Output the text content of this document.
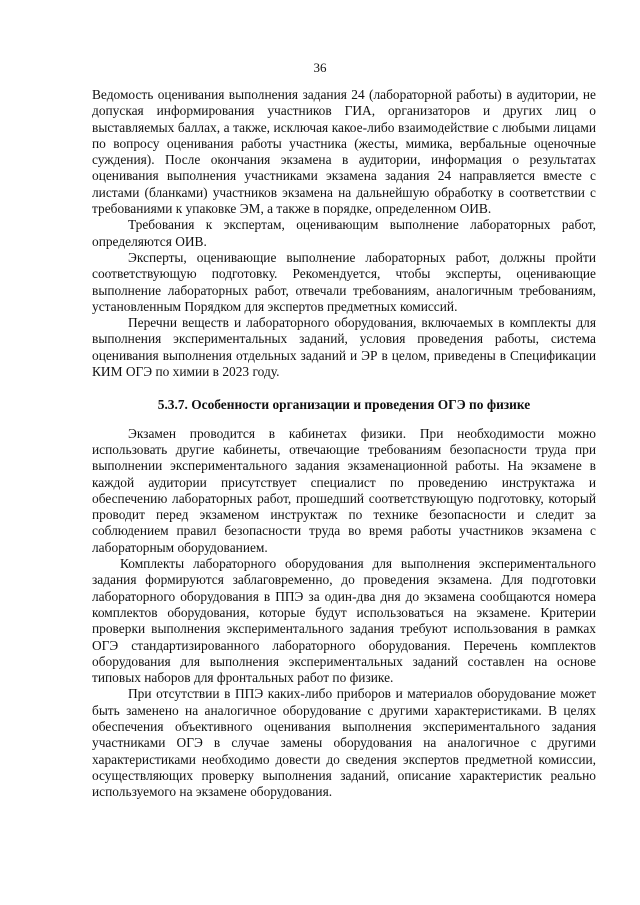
36

Ведомость оценивания выполнения задания 24 (лабораторной работы) в аудитории, не допуская информирования участников ГИА, организаторов и других лиц о выставляемых баллах, а также, исключая какое-либо взаимодействие с любыми лицами по вопросу оценивания работы участника (жесты, мимика, вербальные оценочные суждения). После окончания экзамена в аудитории, информация о результатах оценивания выполнения участниками экзамена задания 24 направляется вместе с листами (бланками) участников экзамена на дальнейшую обработку в соответствии с требованиями к упаковке ЭМ, а также в порядке, определенном ОИВ.

Требования к экспертам, оценивающим выполнение лабораторных работ, определяются ОИВ.

Эксперты, оценивающие выполнение лабораторных работ, должны пройти соответствующую подготовку. Рекомендуется, чтобы эксперты, оценивающие выполнение лабораторных работ, отвечали требованиям, аналогичным требованиям, установленным Порядком для экспертов предметных комиссий.

Перечни веществ и лабораторного оборудования, включаемых в комплекты для выполнения экспериментальных заданий, условия проведения работы, система оценивания выполнения отдельных заданий и ЭР в целом, приведены в Спецификации КИМ ОГЭ по химии в 2023 году.

5.3.7. Особенности организации и проведения ОГЭ по физике

Экзамен проводится в кабинетах физики. При необходимости можно использовать другие кабинеты, отвечающие требованиям безопасности труда при выполнении экспериментального задания экзаменационной работы. На экзамене в каждой аудитории присутствует специалист по проведению инструктажа и обеспечению лабораторных работ, прошедший соответствующую подготовку, который проводит перед экзаменом инструктаж по технике безопасности и следит за соблюдением правил безопасности труда во время работы участников экзамена с лабораторным оборудованием.

Комплекты лабораторного оборудования для выполнения экспериментального задания формируются заблаговременно, до проведения экзамена. Для подготовки лабораторного оборудования в ППЭ за один-два дня до экзамена сообщаются номера комплектов оборудования, которые будут использоваться на экзамене. Критерии проверки выполнения экспериментального задания требуют использования в рамках ОГЭ стандартизированного лабораторного оборудования. Перечень комплектов оборудования для выполнения экспериментальных заданий составлен на основе типовых наборов для фронтальных работ по физике.

При отсутствии в ППЭ каких-либо приборов и материалов оборудование может быть заменено на аналогичное оборудование с другими характеристиками. В целях обеспечения объективного оценивания выполнения экспериментального задания участниками ОГЭ в случае замены оборудования на аналогичное с другими характеристиками необходимо довести до сведения экспертов предметной комиссии, осуществляющих проверку выполнения заданий, описание характеристик реально используемого на экзамене оборудования.
